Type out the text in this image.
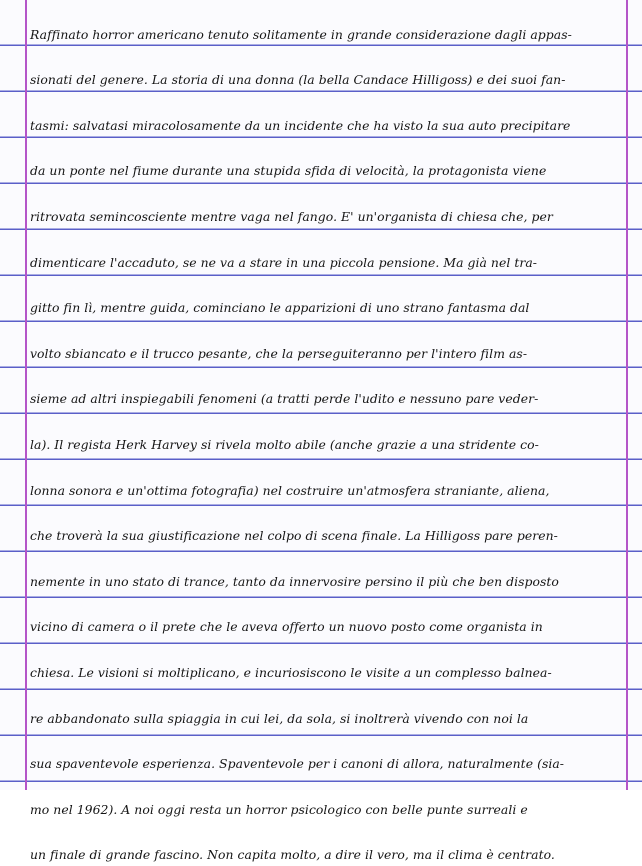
Raffinato horror americano tenuto solitamente in grande considerazione dagli appas-
sionati del genere. La storia di una donna (la bella Candace Hilligoss) e dei suoi fan-
tasmi: salvatasi miracolosamente da un incidente che ha visto la sua auto precipitare
da un ponte nel fiume durante una stupida sfida di velocità, la protagonista viene
ritrovata semincosciente mentre vaga nel fango. E' un'organista di chiesa che, per
dimenticare l'accaduto, se ne va a stare in una piccola pensione. Ma già nel tra-
gitto fin lì, mentre guida, cominciano le apparizioni di uno strano fantasma dal
volto sbiancato e il trucco pesante, che la perseguiteranno per l'intero film as-
sieme ad altri inspiegabili fenomeni (a tratti perde l'udito e nessuno pare veder-
la). Il regista Herk Harvey si rivela molto abile (anche grazie a una stridente co-
lonna sonora e un'ottima fotografia) nel costruire un'atmosfera straniante, aliena,
che troverà la sua giustificazione nel colpo di scena finale. La Hilligoss pare peren-
nemente in uno stato di trance, tanto da innervosire persino il più che ben disposto
vicino di camera o il prete che le aveva offerto un nuovo posto come organista in
chiesa. Le visioni si moltiplicano, e incuriosiscono le visite a un complesso balnea-
re abbandonato sulla spiaggia in cui lei, da sola, si inoltrerà vivendo con noi la
sua spaventevole esperienza. Spaventevole per i canoni di allora, naturalmente (sia-
mo nel 1962). A noi oggi resta un horror psicologico con belle punte surreali e
un finale di grande fascino. Non capita molto, a dire il vero, ma il clima è centrato.
